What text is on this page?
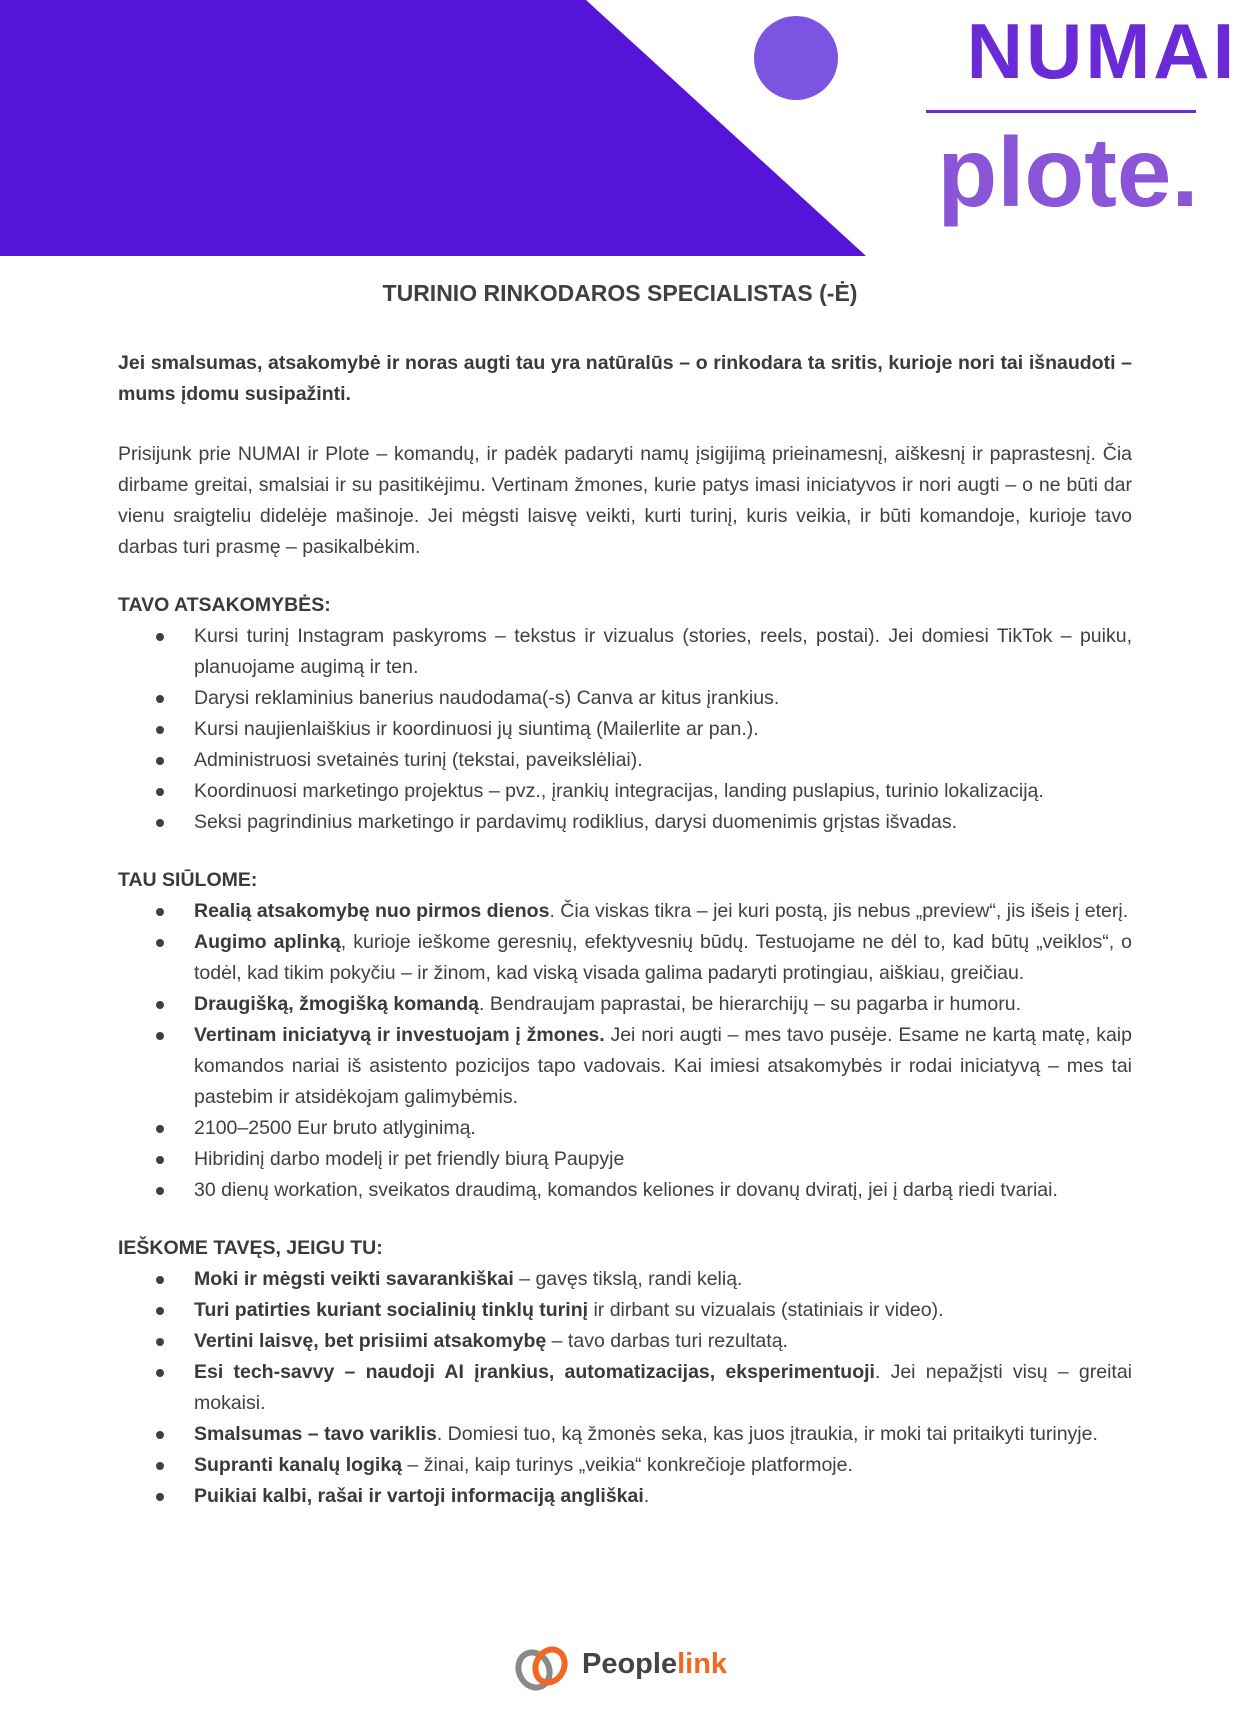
NUMAI
plote.
TURINIO RINKODAROS SPECIALISTAS (-Ė)

Jei smalsumas, atsakomybė ir noras augti tau yra natūralūs – o rinkodara ta sritis, kurioje nori tai išnaudoti – mums įdomu susipažinti.

Prisijunk prie NUMAI ir Plote – komandų, ir padėk padaryti namų įsigijimą prieinamesnį, aiškesnį ir paprastesnį. Čia dirbame greitai, smalsiai ir su pasitikėjimu. Vertinam žmones, kurie patys imasi iniciatyvos ir nori augti – o ne būti dar vienu sraigteliu didelėje mašinoje. Jei mėgsti laisvę veikti, kurti turinį, kuris veikia, ir būti komandoje, kurioje tavo darbas turi prasmę – pasikalbėkim.

TAVO ATSAKOMYBĖS:
Kursi turinį Instagram paskyroms – tekstus ir vizualus (stories, reels, postai). Jei domiesi TikTok – puiku, planuojame augimą ir ten.
Darysi reklaminius banerius naudodama(-s) Canva ar kitus įrankius.
Kursi naujienlaiškius ir koordinuosi jų siuntimą (Mailerlite ar pan.).
Administruosi svetainės turinį (tekstai, paveikslėliai).
Koordinuosi marketingo projektus – pvz., įrankių integracijas, landing puslapius, turinio lokalizaciją.
Seksi pagrindinius marketingo ir pardavimų rodiklius, darysi duomenimis grįstas išvadas.
TAU SIŪLOME:
Realią atsakomybę nuo pirmos dienos. Čia viskas tikra – jei kuri postą, jis nebus „preview“, jis išeis į eterį.
Augimo aplinką, kurioje ieškome geresnių, efektyvesnių būdų. Testuojame ne dėl to, kad būtų „veiklos“, o todėl, kad tikim pokyčiu – ir žinom, kad viską visada galima padaryti protingiau, aiškiau, greičiau.
Draugišką, žmogišką komandą. Bendraujam paprastai, be hierarchijų – su pagarba ir humoru.
Vertinam iniciatyvą ir investuojam į žmones. Jei nori augti – mes tavo pusėje. Esame ne kartą matę, kaip komandos nariai iš asistento pozicijos tapo vadovais. Kai imiesi atsakomybės ir rodai iniciatyvą – mes tai pastebim ir atsidėkojam galimybėmis.
2100–2500 Eur bruto atlyginimą.
Hibridinį darbo modelį ir pet friendly biurą Paupyje
30 dienų workation, sveikatos draudimą, komandos keliones ir dovanų dviratį, jei į darbą riedi tvariai.
IEŠKOME TAVĘS, JEIGU TU:
Moki ir mėgsti veikti savarankiškai – gavęs tikslą, randi kelią.
Turi patirties kuriant socialinių tinklų turinį ir dirbant su vizualais (statiniais ir video).
Vertini laisvę, bet prisiimi atsakomybę – tavo darbas turi rezultatą.
Esi tech-savvy – naudoji AI įrankius, automatizacijas, eksperimentuoji. Jei nepažįsti visų – greitai mokaisi.
Smalsumas – tavo variklis. Domiesi tuo, ką žmonės seka, kas juos įtraukia, ir moki tai pritaikyti turinyje.
Supranti kanalų logiką – žinai, kaip turinys „veikia“ konkrečioje platformoje.
Puikiai kalbi, rašai ir vartoji informaciją angliškai.
Peoplelink
